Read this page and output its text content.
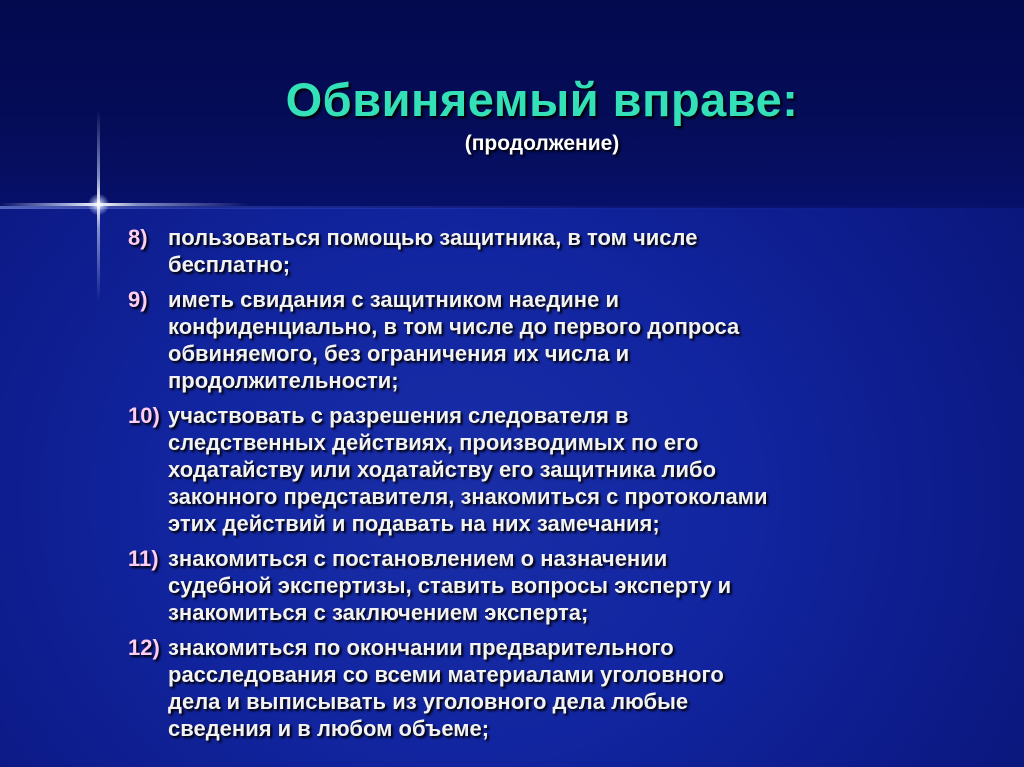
Обвиняемый вправе:
(продолжение)
8) пользоваться помощью защитника, в том числе
бесплатно;
9) иметь свидания с защитником наедине и
конфиденциально, в том числе до первого допроса
обвиняемого, без ограничения их числа и
продолжительности;
10) участвовать с разрешения следователя в
следственных действиях, производимых по его
ходатайству или ходатайству его защитника либо
законного представителя, знакомиться с протоколами
этих действий и подавать на них замечания;
11) знакомиться с постановлением о назначении
судебной экспертизы, ставить вопросы эксперту и
знакомиться с заключением эксперта;
12) знакомиться по окончании предварительного
расследования со всеми материалами уголовного
дела и выписывать из уголовного дела любые
сведения и в любом объеме;
